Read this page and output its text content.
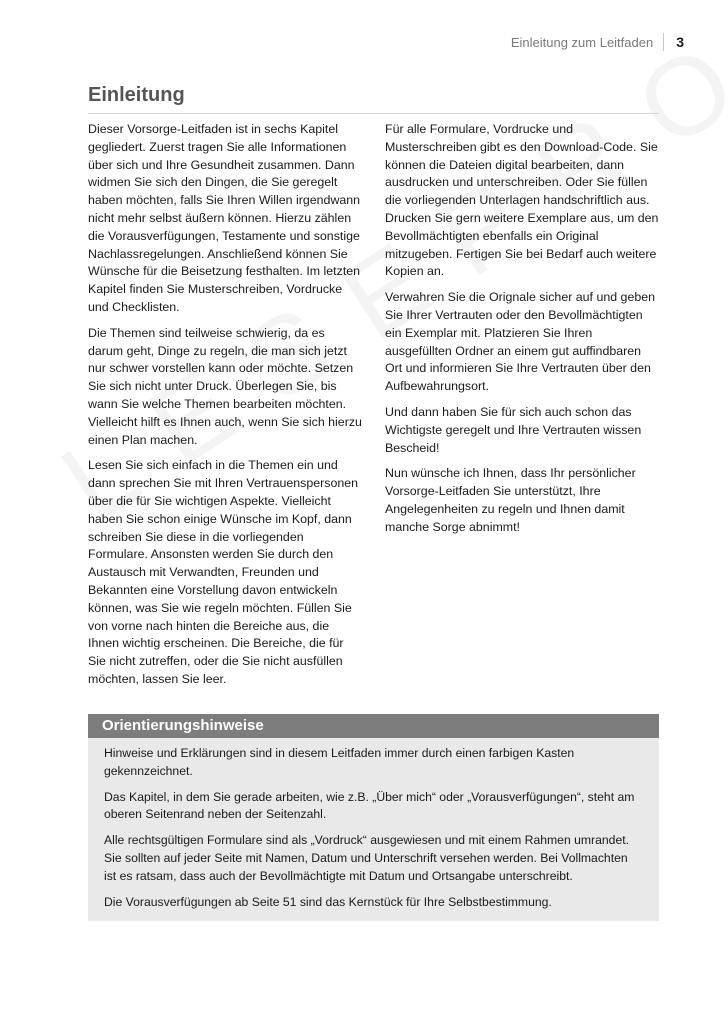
Einleitung zum Leitfaden 3
Einleitung

Dieser Vorsorge-Leitfaden ist in sechs Kapitel gegliedert. Zuerst tragen Sie alle Informationen über sich und Ihre Gesundheit zusammen. Dann widmen Sie sich den Dingen, die Sie geregelt haben möchten, falls Sie Ihren Willen irgendwann nicht mehr selbst äußern können. Hierzu zählen die Vorausverfügungen, Testamente und sonstige Nachlassregelungen. Anschließend können Sie Wünsche für die Beisetzung festhalten. Im letzten Kapitel finden Sie Musterschreiben, Vordrucke und Checklisten.

Die Themen sind teilweise schwierig, da es darum geht, Dinge zu regeln, die man sich jetzt nur schwer vorstellen kann oder möchte. Setzen Sie sich nicht unter Druck. Überlegen Sie, bis wann Sie welche Themen bearbeiten möchten. Vielleicht hilft es Ihnen auch, wenn Sie sich hierzu einen Plan machen.

Lesen Sie sich einfach in die Themen ein und dann sprechen Sie mit Ihren Vertrauenspersonen über die für Sie wichtigen Aspekte. Vielleicht haben Sie schon einige Wünsche im Kopf, dann schreiben Sie diese in die vorliegenden Formulare. Ansonsten werden Sie durch den Austausch mit Verwandten, Freunden und Bekannten eine Vorstellung davon entwickeln können, was Sie wie regeln möchten. Füllen Sie von vorne nach hinten die Bereiche aus, die Ihnen wichtig erscheinen. Die Bereiche, die für Sie nicht zutreffen, oder die Sie nicht ausfüllen möchten, lassen Sie leer.

Für alle Formulare, Vordrucke und Musterschreiben gibt es den Download-Code. Sie können die Dateien digital bearbeiten, dann ausdrucken und unterschreiben. Oder Sie füllen die vorliegenden Unterlagen handschriftlich aus. Drucken Sie gern weitere Exemplare aus, um den Bevollmächtigten ebenfalls ein Original mitzugeben. Fertigen Sie bei Bedarf auch weitere Kopien an.

Verwahren Sie die Orignale sicher auf und geben Sie Ihrer Vertrauten oder den Bevollmächtigten ein Exemplar mit. Platzieren Sie Ihren ausgefüllten Ordner an einem gut auffindbaren Ort und informieren Sie Ihre Vertrauten über den Aufbewahrungsort.

Und dann haben Sie für sich auch schon das Wichtigste geregelt und Ihre Vertrauten wissen Bescheid!

Nun wünsche ich Ihnen, dass Ihr persönlicher Vorsorge-Leitfaden Sie unterstützt, Ihre Angelegenheiten zu regeln und Ihnen damit manche Sorge abnimmt!

Orientierungshinweise

Hinweise und Erklärungen sind in diesem Leitfaden immer durch einen farbigen Kasten gekennzeichnet.

Das Kapitel, in dem Sie gerade arbeiten, wie z.B. „Über mich“ oder „Vorausverfügungen“, steht am oberen Seitenrand neben der Seitenzahl.

Alle rechtsgültigen Formulare sind als „Vordruck“ ausgewiesen und mit einem Rahmen umrandet. Sie sollten auf jeder Seite mit Namen, Datum und Unterschrift versehen werden. Bei Vollmachten ist es ratsam, dass auch der Bevollmächtigte mit Datum und Ortsangabe unterschreibt.

Die Vorausverfügungen ab Seite 51 sind das Kernstück für Ihre Selbstbestimmung.
